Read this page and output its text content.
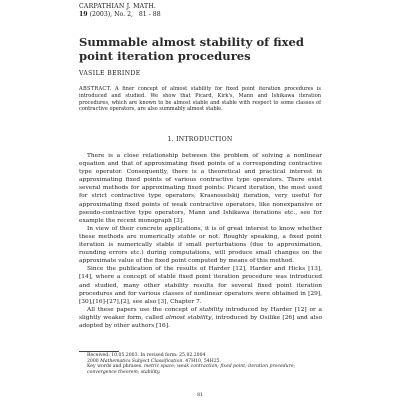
CARPATHIAN J. MATH.
19 (2003), No. 2, 81 - 88
Summable almost stability of fixed point iteration procedures
VASILE BERINDE
ABSTRACT. A finer concept of almost stability for fixed point iteration procedures is introduced and studied. We show that Picard, Kirk's, Mann and Ishikawa iteration procedures, which are known to be almost stable and stable with respect to some classes of contractive operators, are also summably almost stable.
1. INTRODUCTION

There is a close relationship between the problem of solving a nonlinear equation and that of approximating fixed points of a corresponding contractive type operator. Consequently, there is a theoretical and practical interest in approximating fixed points of various contractive type operators. There exist several methods for approximating fixed points: Picard iteration, the most used for strict contractive type operators, Krasnoselskij iteration, very useful for approximating fixed points of weak contractive operators, like nonexpansive or pseudo-contractive type operators, Mann and Ishikawa iterations etc., see for example the recent monograph [3].

In view of their concrete applications, it is of great interest to know whether these methods are numerically stable or not. Roughly speaking, a fixed point iteration is numerically stable if small perturbations (due to approximation, rounding errors etc.) during computations, will produce small changes on the approximate value of the fixed point computed by means of this method.

Since the publication of the results of Harder [12], Harder and Hicks [13], [14], where a concept of stable fixed point iteration procedure was introduced and studied, many other stability results for several fixed point iteration procedures and for various classes of nonlinear operators were obtained in [29],[30],[16]-[27],[2], see also [3], Chapter 7.

All these papers use the concept of stability introduced by Harder [12] or a slightly weaker form, called almost stability, introduced by Osilike [26] and also adopted by other authors [16].

Received: 10.05.2003. In revised form: 25.02.2004
2000 Mathematics Subject Classification. 47H10, 54H25.
Key words and phrases. metric space; weak contraction; fixed point; iteration procedure; convergence theorem; stability.
81
